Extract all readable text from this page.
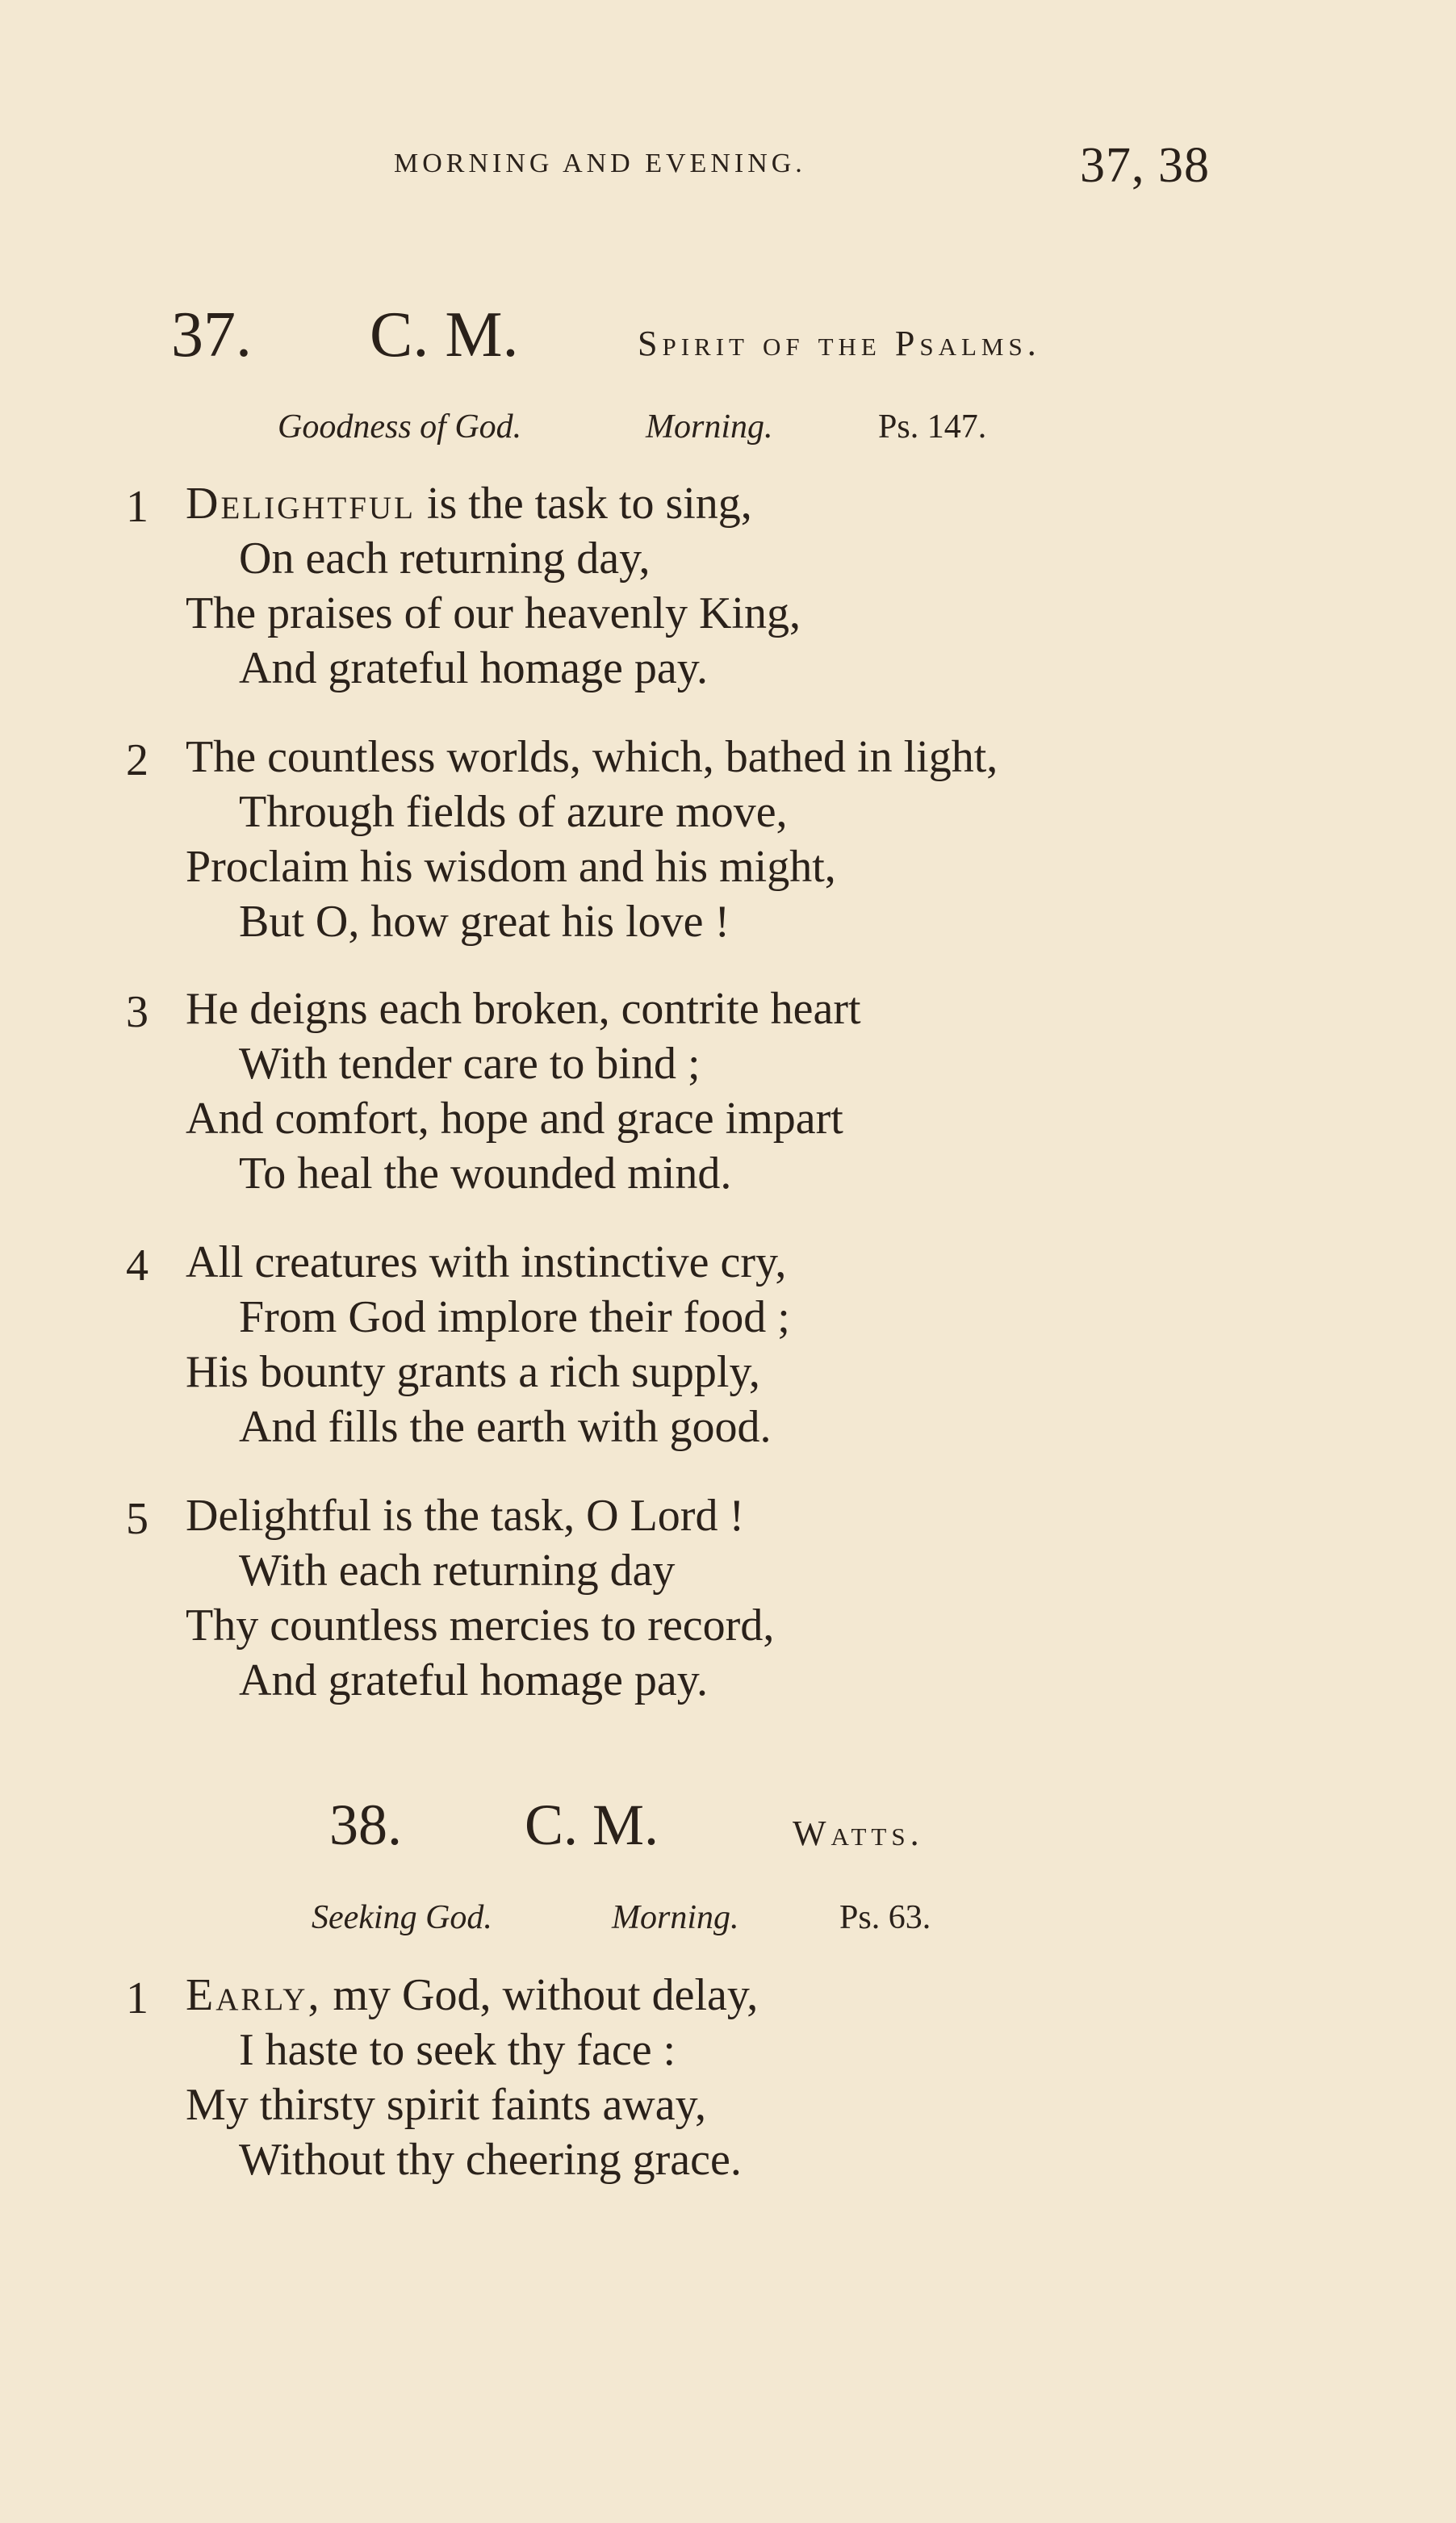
MORNING AND EVENING.	37, 38
37. C. M.	Spirit of the Psalms.
Goodness of God.	Morning.	Ps. 147.
1 Delightful is the task to sing,
On each returning day,
The praises of our heavenly King,
And grateful homage pay.
2 The countless worlds, which, bathed in light,
Through fields of azure move,
Proclaim his wisdom and his might,
But O, how great his love !
3 He deigns each broken, contrite heart
With tender care to bind ;
And comfort, hope and grace impart
To heal the wounded mind.
4 All creatures with instinctive cry,
From God implore their food ;
His bounty grants a rich supply,
And fills the earth with good.
5 Delightful is the task, O Lord !
With each returning day
Thy countless mercies to record,
And grateful homage pay.
38. C. M.	Watts.
Seeking God.	Morning.	Ps. 63.
1 Early, my God, without delay,
I haste to seek thy face :
My thirsty spirit faints away,
Without thy cheering grace.
